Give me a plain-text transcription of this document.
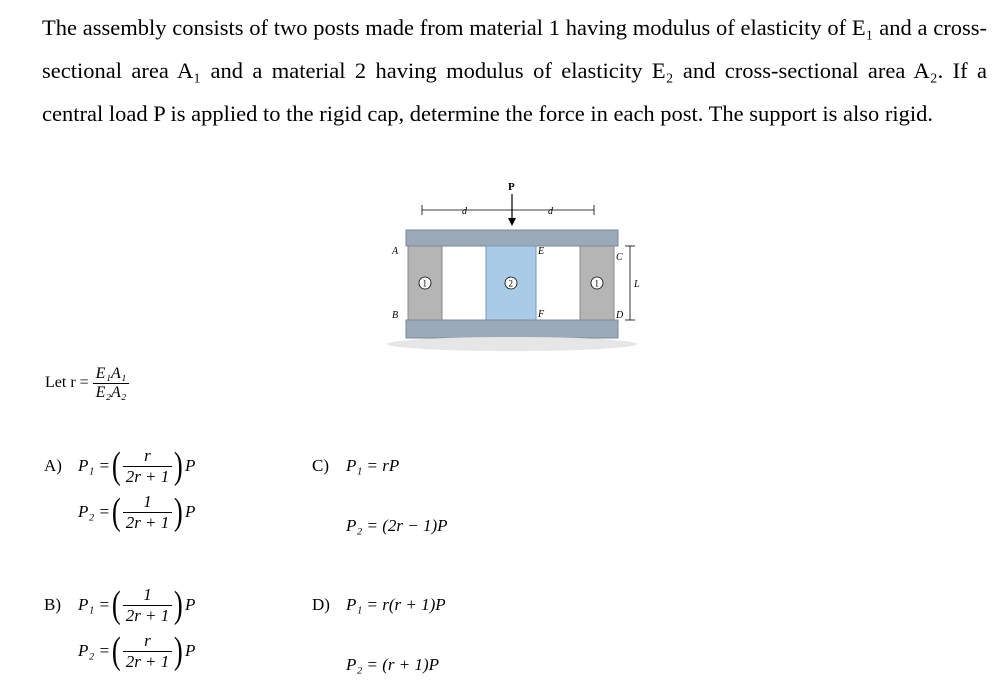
The assembly consists of two posts made from material 1 having modulus of elasticity of E₁ and a cross-sectional area A₁ and a material 2 having modulus of elasticity E₂ and cross-sectional area A₂. If a central load P is applied to the rigid cap, determine the force in each post. The support is also rigid.
P
d	d
1	2	1
A
B
E
F
C
D
L
Let $r = \frac{\text{E₁A₁}}{\text{E₂A₂}}$
A) P₁ = ( $\frac{r}{2r + 1}$ ) P
P₂ = ( $\frac{1}{2r + 1}$ ) P
C)	P₁ = rP
P₂ = (2r − 1)P
B)	P₁ = ( $\frac{1}{2r + 1}$ ) P
P₂ = ( $\frac{r}{2r + 1}$ ) P
D) P₁ = r(r + 1)P
P₂ = (r + 1)P
